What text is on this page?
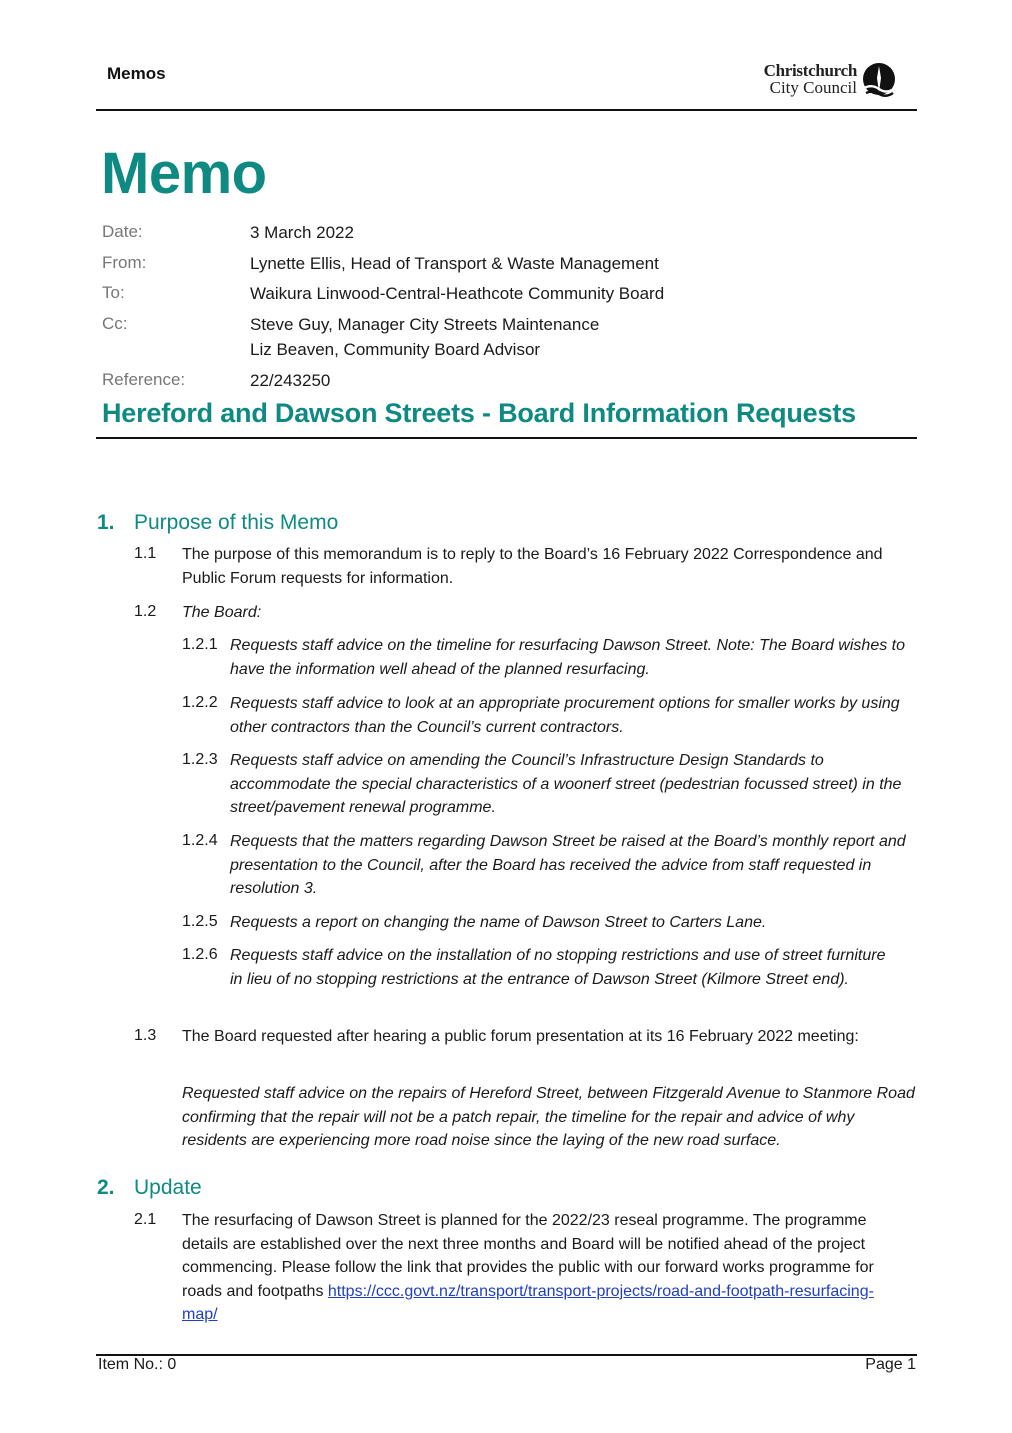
Memos	Christchurch
City Council
Memo
Date:	3 March 2022
From:	Lynette Ellis, Head of Transport & Waste Management
To:	Waikura Linwood-Central-Heathcote Community Board
Cc:	Steve Guy, Manager City Streets Maintenance
Liz Beaven, Community Board Advisor
Reference:	22/243250
Hereford and Dawson Streets - Board Information Requests
1. Purpose of this Memo
1.1 The purpose of this memorandum is to reply to the Board’s 16 February 2022 Correspondence and Public Forum requests for information.
1.2 The Board:
1.2.1 Requests staff advice on the timeline for resurfacing Dawson Street. Note: The Board wishes to have the information well ahead of the planned resurfacing.
1.2.2 Requests staff advice to look at an appropriate procurement options for smaller works by using other contractors than the Council’s current contractors.
1.2.3 Requests staff advice on amending the Council’s Infrastructure Design Standards to accommodate the special characteristics of a woonerf street (pedestrian focussed street) in the street/pavement renewal programme.
1.2.4 Requests that the matters regarding Dawson Street be raised at the Board’s monthly report and presentation to the Council, after the Board has received the advice from staff requested in resolution 3.
1.2.5 Requests a report on changing the name of Dawson Street to Carters Lane.
1.2.6 Requests staff advice on the installation of no stopping restrictions and use of street furniture in lieu of no stopping restrictions at the entrance of Dawson Street (Kilmore Street end).
1.3 The Board requested after hearing a public forum presentation at its 16 February 2022 meeting:
Requested staff advice on the repairs of Hereford Street, between Fitzgerald Avenue to Stanmore Road confirming that the repair will not be a patch repair, the timeline for the repair and advice of why residents are experiencing more road noise since the laying of the new road surface.
2. Update
2.1 The resurfacing of Dawson Street is planned for the 2022/23 reseal programme. The programme details are established over the next three months and Board will be notified ahead of the project commencing. Please follow the link that provides the public with our forward works programme for roads and footpaths https://ccc.govt.nz/transport/transport-projects/road-and-footpath-resurfacing-map/
Item No.: 0	Page 1
